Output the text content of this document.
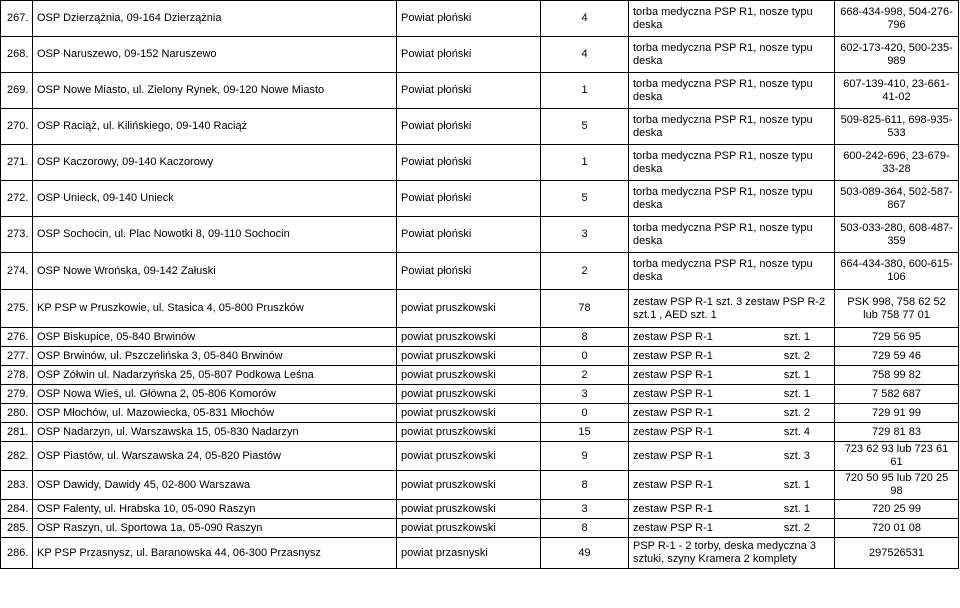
267.	OSP Dzierzążnia, 09-164 Dzierzążnia	Powiat płoński	4	torba medyczna PSP R1, nosze typu deska	668-434-998, 504-276-796
268.	OSP Naruszewo, 09-152 Naruszewo	Powiat płoński	4	torba medyczna PSP R1, nosze typu deska	602-173-420, 500-235-989
269.	OSP Nowe Miasto, ul. Zielony Rynek, 09-120 Nowe Miasto	Powiat płoński	1	torba medyczna PSP R1, nosze typu deska	607-139-410, 23-661-41-02
270.	OSP Raciąż, ul. Kilińskiego, 09-140 Raciąż	Powiat płoński	5	torba medyczna PSP R1, nosze typu deska	509-825-611, 698-935-533
271.	OSP Kaczorowy, 09-140 Kaczorowy	Powiat płoński	1	torba medyczna PSP R1, nosze typu deska	600-242-696, 23-679-33-28
272.	OSP Unieck, 09-140 Unieck	Powiat płoński	5	torba medyczna PSP R1, nosze typu deska	503-089-364, 502-587-867
273.	OSP Sochocin, ul. Plac Nowotki 8, 09-110 Sochocin	Powiat płoński	3	torba medyczna PSP R1, nosze typu deska	503-033-280, 608-487-359
274.	OSP Nowe Wrońska, 09-142 Załuski	Powiat płoński	2	torba medyczna PSP R1, nosze typu deska	664-434-380, 600-615-106
275.	KP PSP w Pruszkowie, ul. Stasica 4, 05-800 Pruszków	powiat pruszkowski	78	zestaw PSP R-1 szt. 3 zestaw PSP R-2 szt.1 , AED szt. 1	PSK 998, 758 62 52 lub 758 77 01
276.	OSP Biskupice, 05-840 Brwinów	powiat pruszkowski	8	zestaw PSP R-1 szt. 1	729 56 95
277.	OSP Brwinów, ul. Pszczelińska 3, 05-840 Brwinów	powiat pruszkowski	0	zestaw PSP R-1 szt. 2	729 59 46
278.	OSP Zółwin ul. Nadarzyńska 25, 05-807 Podkowa Leśna	powiat pruszkowski	2	zestaw PSP R-1 szt. 1	758 99 82
279.	OSP Nowa Wieś, ul. Główna 2, 05-806 Komorów	powiat pruszkowski	3	zestaw PSP R-1 szt. 1	7 582 687
280.	OSP Młochów, ul. Mazowiecka, 05-831 Młochów	powiat pruszkowski	0	zestaw PSP R-1 szt. 2	729 91 99
281.	OSP Nadarzyn, ul. Warszawska 15, 05-830 Nadarzyn	powiat pruszkowski	15	zestaw PSP R-1 szt. 4	729 81 83
282.	OSP Piastów, ul. Warszawska 24, 05-820 Piastów	powiat pruszkowski	9	zestaw PSP R-1 szt. 3	723 62 93 lub 723 61 61
283.	OSP Dawidy, Dawidy 45, 02-800 Warszawa	powiat pruszkowski	8	zestaw PSP R-1 szt. 1	720 50 95 lub 720 25 98
284.	OSP Falenty, ul. Hrabska 10, 05-090 Raszyn	powiat pruszkowski	3	zestaw PSP R-1 szt. 1	720 25 99
285.	OSP Raszyn, ul. Sportowa 1a, 05-090 Raszyn	powiat pruszkowski	8	zestaw PSP R-1 szt. 2	720 01 08
286.	KP PSP Przasnysz, ul. Baranowska 44, 06-300 Przasnysz	powiat przasnyski	49	PSP R-1 - 2 torby, deska medyczna 3 sztuki, szyny Kramera 2 komplety	297526531
